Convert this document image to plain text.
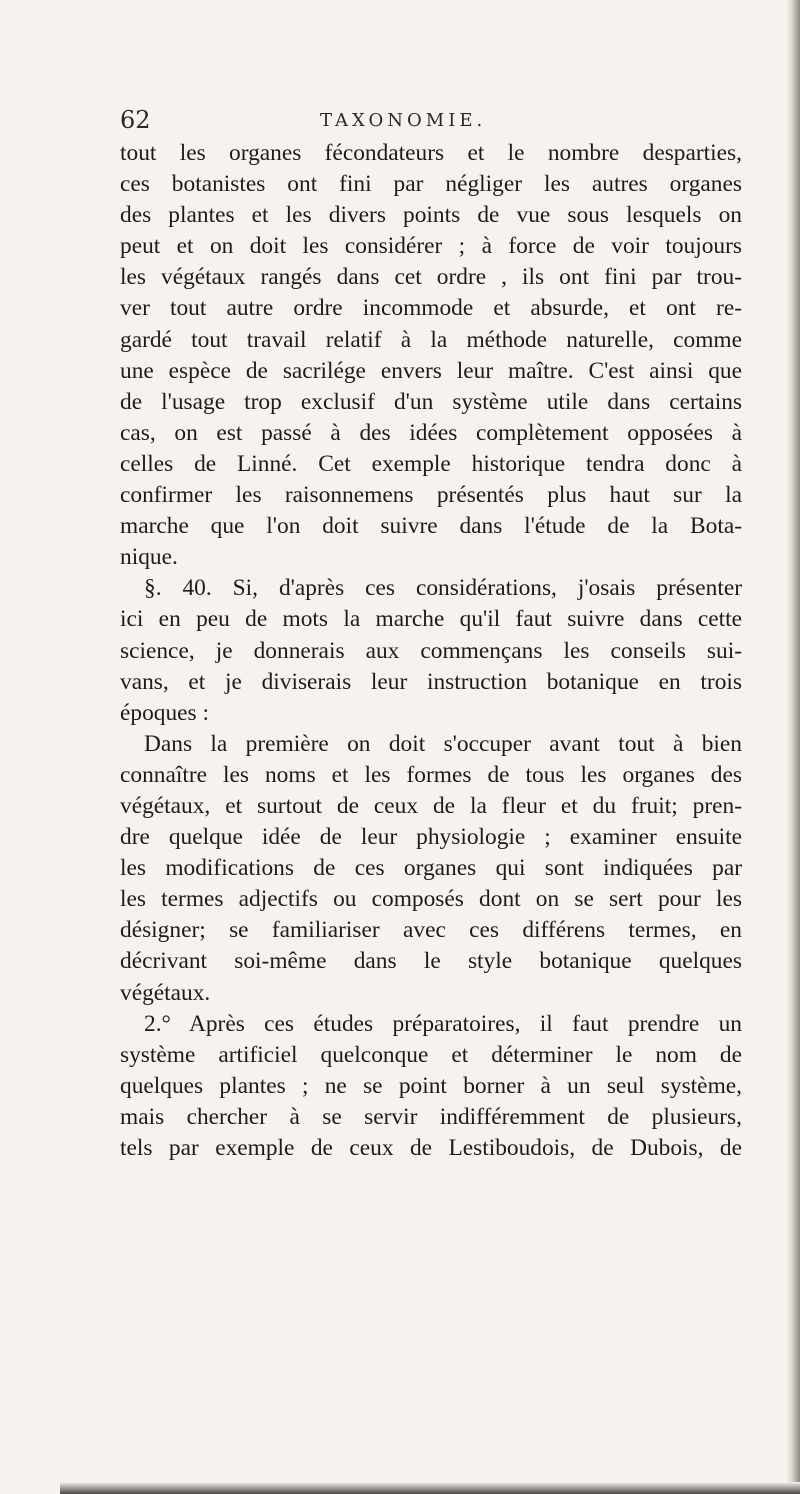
62	TAXONOMIE.
tout les organes fécondateurs et le nombre desparties,
ces botanistes ont fini par négliger les autres organes
des plantes et les divers points de vue sous lesquels on
peut et on doit les considérer ; à force de voir toujours
les végétaux rangés dans cet ordre , ils ont fini par trou-
ver tout autre ordre incommode et absurde, et ont re-
gardé tout travail relatif à la méthode naturelle, comme
une espèce de sacrilége envers leur maître. C'est ainsi que
de l'usage trop exclusif d'un système utile dans certains
cas, on est passé à des idées complètement opposées à
celles de Linné. Cet exemple historique tendra donc à
confirmer les raisonnemens présentés plus haut sur la
marche que l'on doit suivre dans l'étude de la Bota-
nique.
§. 40. Si, d'après ces considérations, j'osais présenter
ici en peu de mots la marche qu'il faut suivre dans cette
science, je donnerais aux commençans les conseils sui-
vans, et je diviserais leur instruction botanique en trois
époques :
Dans la première on doit s'occuper avant tout à bien
connaître les noms et les formes de tous les organes des
végétaux, et surtout de ceux de la fleur et du fruit; pren-
dre quelque idée de leur physiologie ; examiner ensuite
les modifications de ces organes qui sont indiquées par
les termes adjectifs ou composés dont on se sert pour les
désigner; se familiariser avec ces différens termes, en
décrivant soi-même dans le style botanique quelques
végétaux.
2.° Après ces études préparatoires, il faut prendre un
système artificiel quelconque et déterminer le nom de
quelques plantes ; ne se point borner à un seul système,
mais chercher à se servir indifféremment de plusieurs,
tels par exemple de ceux de Lestiboudois, de Dubois, de
